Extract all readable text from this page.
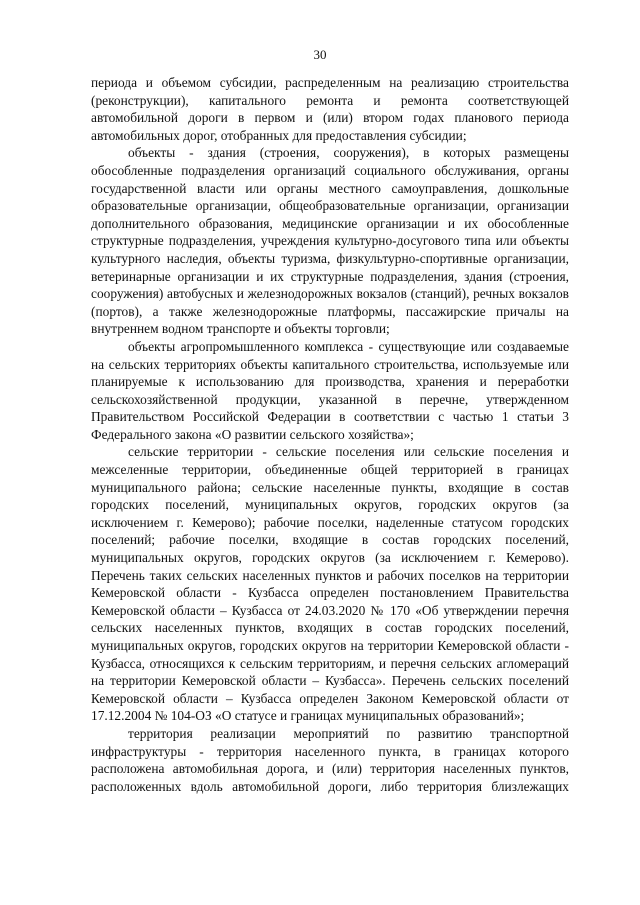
30

периода и объемом субсидии, распределенным на реализацию строительства (реконструкции), капитального ремонта и ремонта соответствующей автомобильной дороги в первом и (или) втором годах планового периода автомобильных дорог, отобранных для предоставления субсидии;

объекты - здания (строения, сооружения), в которых размещены обособленные подразделения организаций социального обслуживания, органы государственной власти или органы местного самоуправления, дошкольные образовательные организации, общеобразовательные организации, организации дополнительного образования, медицинские организации и их обособленные структурные подразделения, учреждения культурно-досугового типа или объекты культурного наследия, объекты туризма, физкультурно-спортивные организации, ветеринарные организации и их структурные подразделения, здания (строения, сооружения) автобусных и железнодорожных вокзалов (станций), речных вокзалов (портов), а также железнодорожные платформы, пассажирские причалы на внутреннем водном транспорте и объекты торговли;

объекты агропромышленного комплекса - существующие или создаваемые на сельских территориях объекты капитального строительства, используемые или планируемые к использованию для производства, хранения и переработки сельскохозяйственной продукции, указанной в перечне, утвержденном Правительством Российской Федерации в соответствии с частью 1 статьи 3 Федерального закона «О развитии сельского хозяйства»;

сельские территории - сельские поселения или сельские поселения и межселенные территории, объединенные общей территорией в границах муниципального района; сельские населенные пункты, входящие в состав городских поселений, муниципальных округов, городских округов (за исключением г. Кемерово); рабочие поселки, наделенные статусом городских поселений; рабочие поселки, входящие в состав городских поселений, муниципальных округов, городских округов (за исключением г. Кемерово). Перечень таких сельских населенных пунктов и рабочих поселков на территории Кемеровской области - Кузбасса определен постановлением Правительства Кемеровской области – Кузбасса от 24.03.2020 № 170 «Об утверждении перечня сельских населенных пунктов, входящих в состав городских поселений, муниципальных округов, городских округов на территории Кемеровской области - Кузбасса, относящихся к сельским территориям, и перечня сельских агломераций на территории Кемеровской области – Кузбасса». Перечень сельских поселений Кемеровской области – Кузбасса определен Законом Кемеровской области от 17.12.2004 № 104-ОЗ «О статусе и границах муниципальных образований»;

территория реализации мероприятий по развитию транспортной инфраструктуры - территория населенного пункта, в границах которого расположена автомобильная дорога, и (или) территория населенных пунктов, расположенных вдоль автомобильной дороги, либо территория близлежащих
